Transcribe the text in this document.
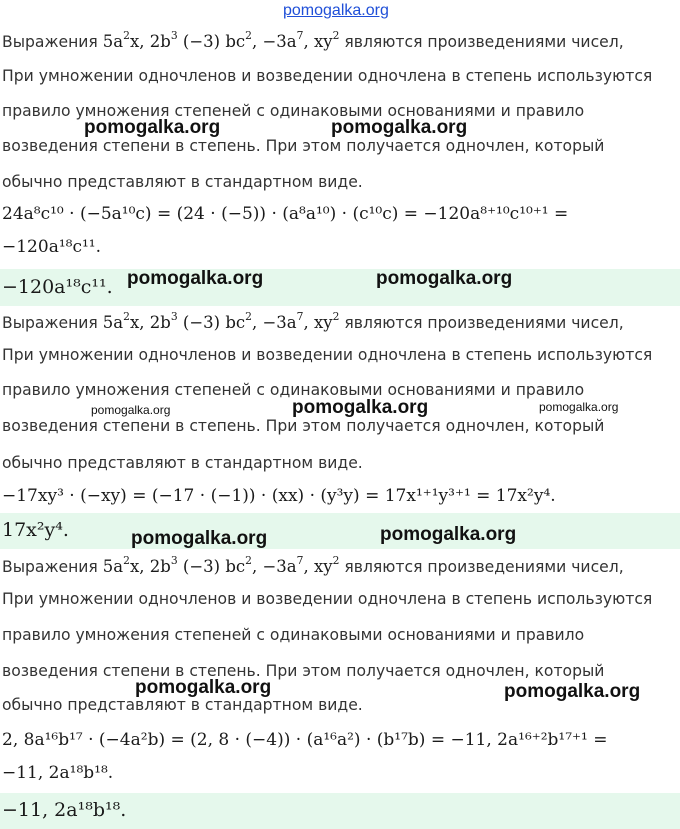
pomogalka.org
Выражения $5a^2x$, $2b^3$ (−3) $bc^2$, $-3a^7$, $xy^2$ являются произведениями чисел,
При умножении одночленов и возведении одночлена в степень используются
правило умножения степеней с одинаковыми основаниями и правило
возведения степени в степень. При этом получается одночлен, который
обычно представляют в стандартном виде.
24a⁸c¹⁰ · (−5a¹⁰c) = (24 · (−5)) · (a⁸a¹⁰) · (c¹⁰c) = −120a⁸⁺¹⁰c¹⁰⁺¹ =
−120a¹⁸c¹¹.
−120a¹⁸c¹¹.
Выражения $5a^2x$, $2b^3$ (−3) $bc^2$, $-3a^7$, $xy^2$ являются произведениями чисел,
При умножении одночленов и возведении одночлена в степень используются
правило умножения степеней с одинаковыми основаниями и правило
возведения степени в степень. При этом получается одночлен, который
обычно представляют в стандартном виде.
−17xy³ · (−xy) = (−17 · (−1)) · (xx) · (y³y) = 17x¹⁺¹y³⁺¹ = 17x²y⁴.
17x²y⁴.
Выражения $5a^2x$, $2b^3$ (−3) $bc^2$, $-3a^7$, $xy^2$ являются произведениями чисел,
При умножении одночленов и возведении одночлена в степень используются
правило умножения степеней с одинаковыми основаниями и правило
возведения степени в степень. При этом получается одночлен, который
обычно представляют в стандартном виде.
2, 8a¹⁶b¹⁷ · (−4a²b) = (2, 8 · (−4)) · (a¹⁶a²) · (b¹⁷b) = −11, 2a¹⁶⁺²b¹⁷⁺¹ =
−11, 2a¹⁸b¹⁸.
−11, 2a¹⁸b¹⁸.
pomogalka.org	pomogalka.org
pomogalka.org	pomogalka.org
pomogalka.org	pomogalka.org	pomogalka.org
pomogalka.org	pomogalka.org
pomogalka.org	pomogalka.org
